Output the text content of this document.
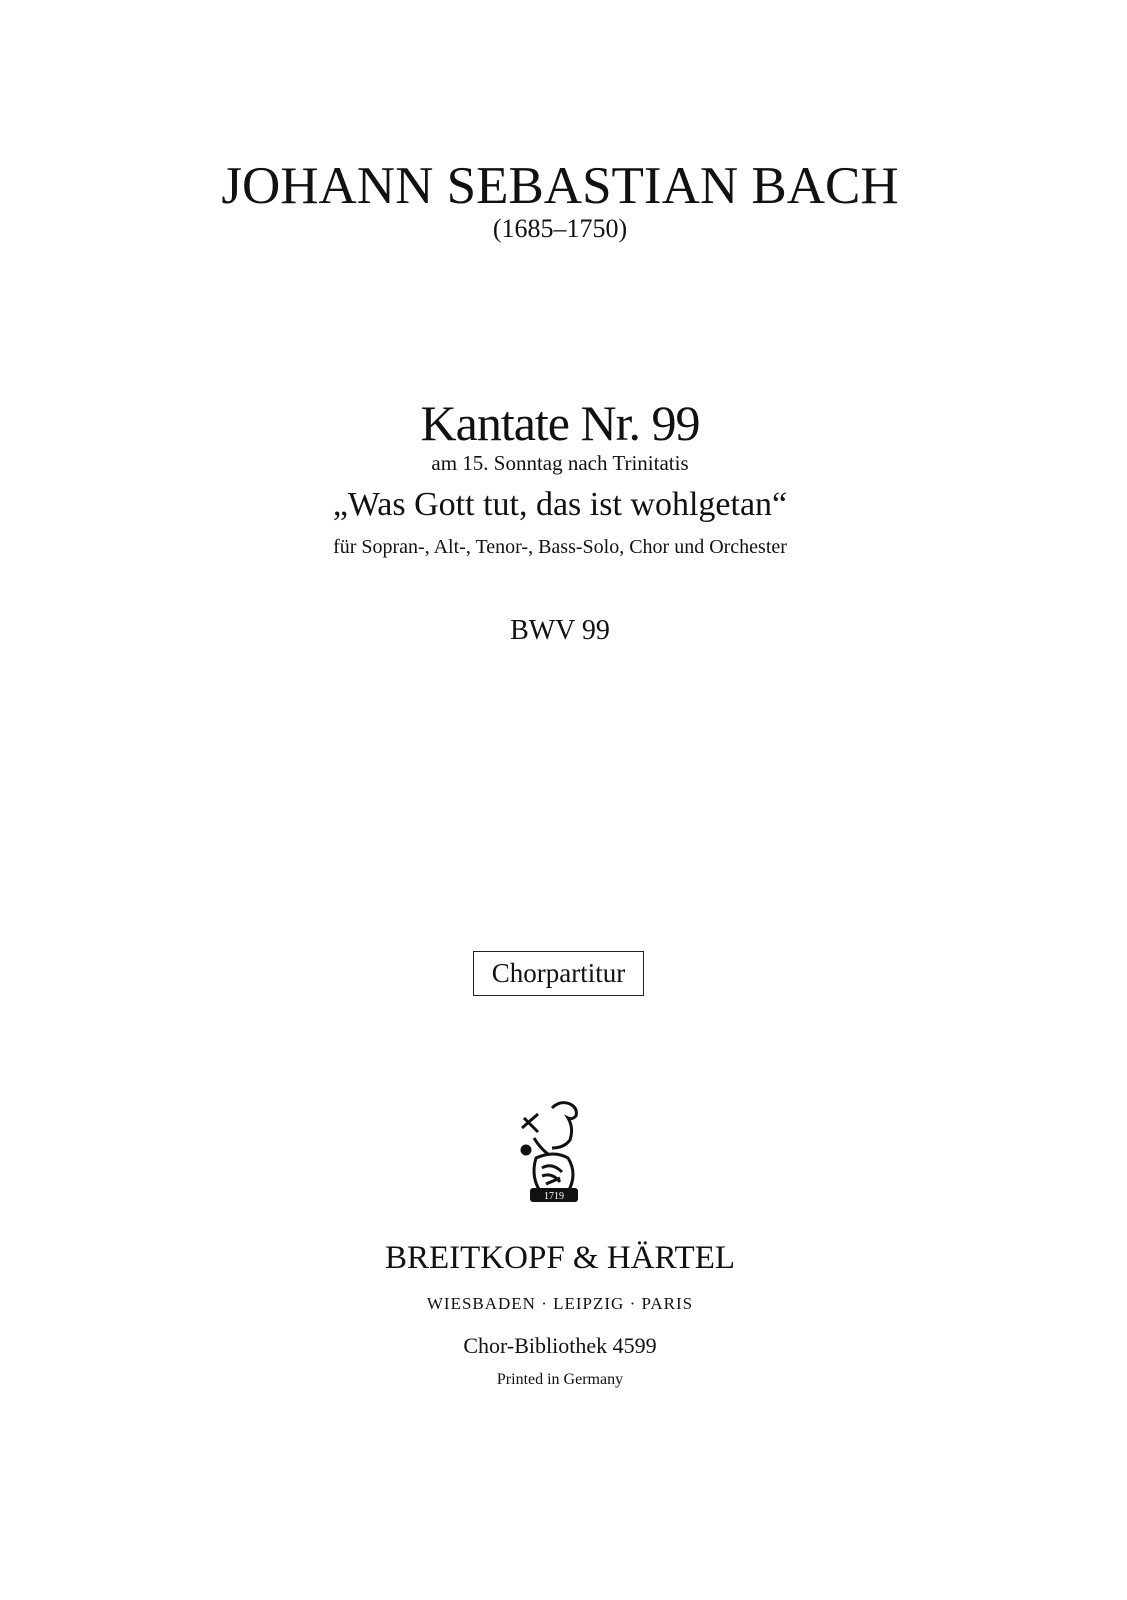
JOHANN SEBASTIAN BACH
(1685–1750)
Kantate Nr. 99
am 15. Sonntag nach Trinitatis
„Was Gott tut, das ist wohlgetan“
für Sopran-, Alt-, Tenor-, Bass-Solo, Chor und Orchester
BWV 99
Chorpartitur
1719
BREITKOPF & HÄRTEL
WIESBADEN · LEIPZIG · PARIS
Chor-Bibliothek 4599
Printed in Germany
